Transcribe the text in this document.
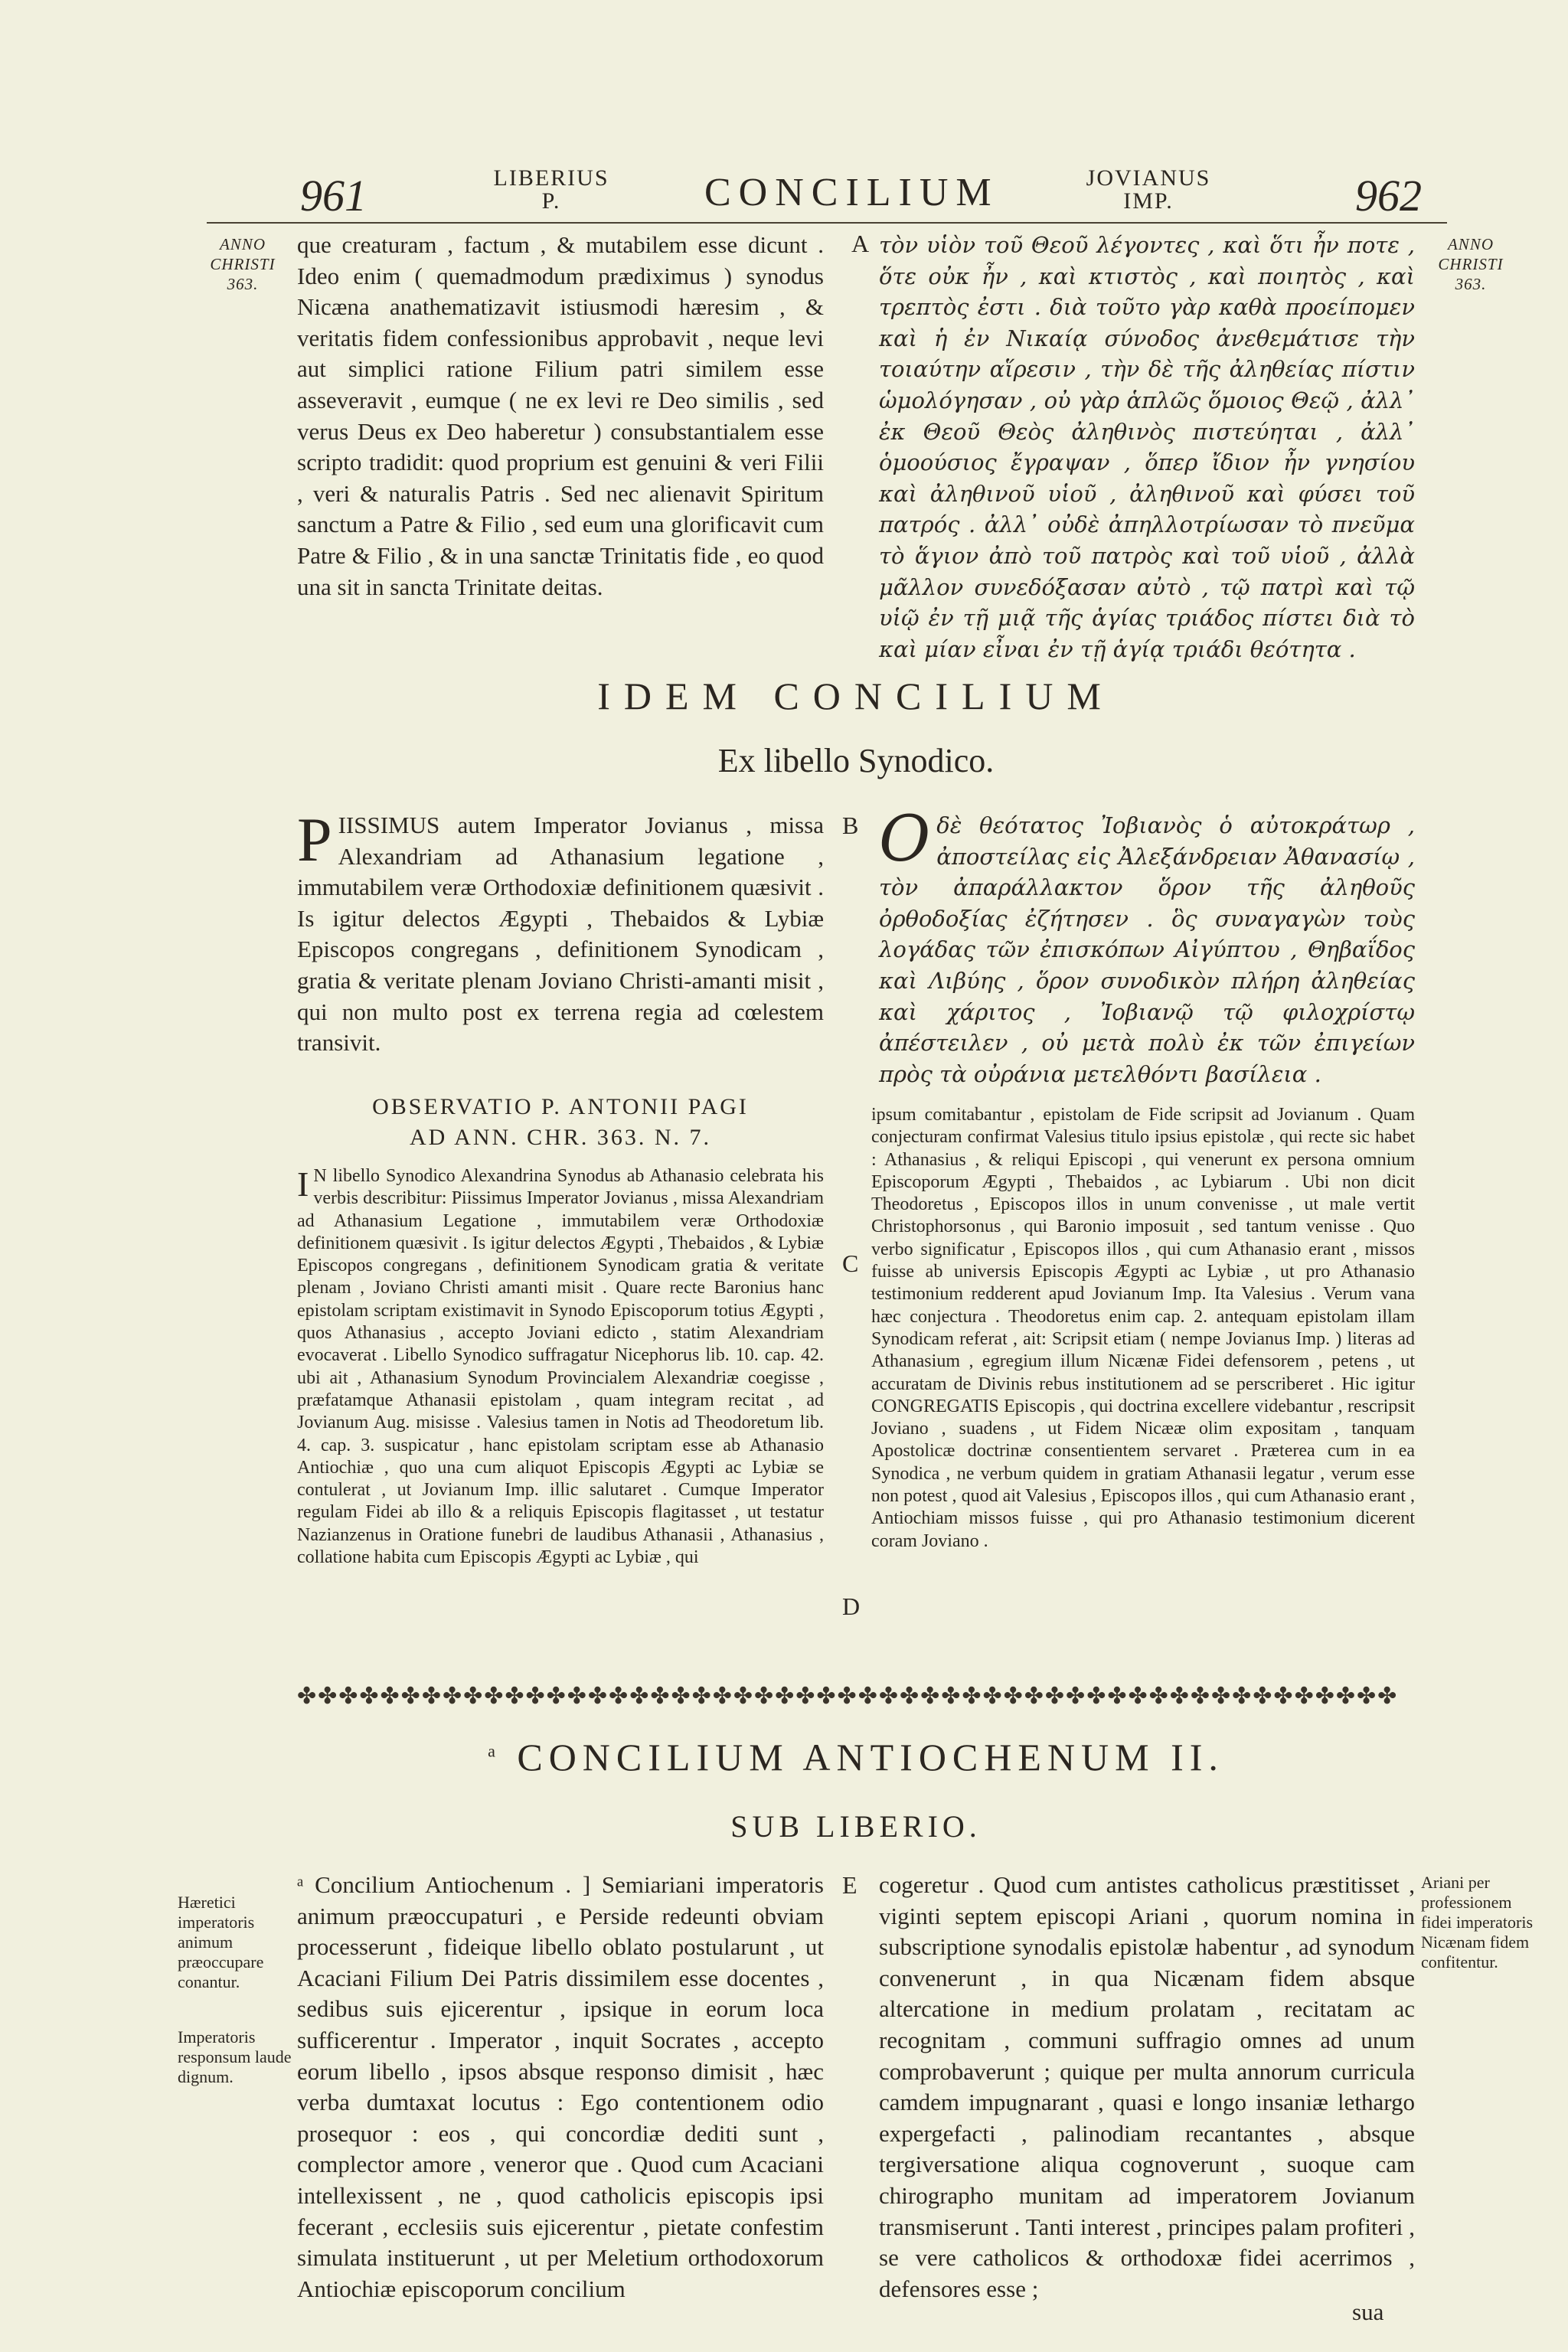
961	LIBERIUS
P.	CONCILIUM	JOVIANUS
IMP.	962
ANNO
CHRISTI
363.
ANNO
CHRISTI
363.

que creaturam , factum , & mutabilem esse dicunt . Ideo enim ( quemadmodum prædiximus ) synodus Nicæna anathematizavit istiusmodi hæresim , & veritatis fidem confessionibus approbavit , neque levi aut simplici ratione Filium patri similem esse asseveravit , eumque ( ne ex levi re Deo similis , sed verus Deus ex Deo haberetur ) consubstantialem esse scripto tradidit: quod proprium est genuini & veri Filii , veri & naturalis Patris . Sed nec alienavit Spiritum sanctum a Patre & Filio , sed eum una glorificavit cum Patre & Filio , & in una sanctæ Trinitatis fide , eo quod una sit in sancta Trinitate deitas.

A τὸν υἱὸν τοῦ Θεοῦ λέγοντες , καὶ ὅτι ἦν ποτε , ὅτε οὐκ ἦν , καὶ κτιστὸς , καὶ ποιητὸς , καὶ τρεπτὸς ἐστι . διὰ τοῦτο γὰρ καθὰ προείπομεν καὶ ἡ ἐν Νικαίᾳ σύνοδος ἀνεθεμάτισε τὴν τοιαύτην αἵρεσιν , τὴν δὲ τῆς ἀληθείας πίστιν ὡμολόγησαν , οὐ γὰρ ἁπλῶς ὅμοιος Θεῷ , ἀλλ᾽ ἐκ Θεοῦ Θεὸς ἀληθινὸς πιστεύηται , ἀλλ᾽ ὁμοούσιος ἔγραψαν , ὅπερ ἴδιον ἦν γνησίου καὶ ἀληθινοῦ υἱοῦ , ἀληθινοῦ καὶ φύσει τοῦ πατρός . ἀλλ᾽ οὐδὲ ἀπηλλοτρίωσαν τὸ πνεῦμα τὸ ἅγιον ἀπὸ τοῦ πατρὸς καὶ τοῦ υἱοῦ , ἀλλὰ μᾶλλον συνεδόξασαν αὐτὸ , τῷ πατρὶ καὶ τῷ υἱῷ ἐν τῇ μιᾷ τῆς ἁγίας τριάδος πίστει διὰ τὸ καὶ μίαν εἶναι ἐν τῇ ἁγίᾳ τριάδι θεότητα .

IDEM CONCILIUM
Ex libello Synodico.
P IISSIMUS autem Imperator Jovianus , missa Alexandriam ad Athanasium legatione , immutabilem veræ Orthodoxiæ definitionem quæsivit . Is igitur delectos Ægypti , Thebaidos & Lybiæ Episcopos congregans , definitionem Synodicam , gratia & veritate plenam Joviano Christi-amanti misit , qui non multo post ex terrena regia ad cœlestem transivit.
B O δὲ θεότατος Ἰοβιανὸς ὁ αὐτοκράτωρ , ἀποστείλας εἰς Ἀλεξάνδρειαν Ἀθανασίῳ , τὸν ἀπαράλλακτον ὅρον τῆς ἀληθοῦς ὀρθοδοξίας ἐζήτησεν . ὃς συναγαγὼν τοὺς λογάδας τῶν ἐπισκόπων Αἰγύπτου , Θηβαΐδος καὶ Λιβύης , ὅρον συνοδικὸν πλήρη ἀληθείας καὶ χάριτος , Ἰοβιανῷ τῷ φιλοχρίστῳ ἀπέστειλεν , οὐ μετὰ πολὺ ἐκ τῶν ἐπιγείων πρὸς τὰ οὐράνια μετελθόντι βασίλεια .
OBSERVATIO P. ANTONII PAGI
AD ANN. CHR. 363. N. 7.
I N libello Synodico Alexandrina Synodus ab Athanasio celebrata his verbis describitur: Piissimus Imperator Jovianus , missa Alexandriam ad Athanasium Legatione , immutabilem veræ Orthodoxiæ definitionem quæsivit . Is igitur delectos Ægypti , Thebaidos , & Lybiæ Episcopos congregans , definitionem Synodicam gratia & veritate plenam , Joviano Christi amanti misit . Quare recte Baronius hanc epistolam scriptam existimavit in Synodo Episcoporum totius Ægypti , quos Athanasius , accepto Joviani edicto , statim Alexandriam evocaverat . Libello Synodico suffragatur Nicephorus lib. 10. cap. 42. ubi ait , Athanasium Synodum Provincialem Alexandriæ coegisse , præfatamque Athanasii epistolam , quam integram recitat , ad Jovianum Aug. misisse . Valesius tamen in Notis ad Theodoretum lib. 4. cap. 3. suspicatur , hanc epistolam scriptam esse ab Athanasio Antiochiæ , quo una cum aliquot Episcopis Ægypti ac Lybiæ se contulerat , ut Jovianum Imp. illic salutaret . Cumque Imperator regulam Fidei ab illo & a reliquis Episcopis flagitasset , ut testatur Nazianzenus in Oratione funebri de laudibus Athanasii , Athanasius , collatione habita cum Episcopis Ægypti ac Lybiæ , qui
C
D

ipsum comitabantur , epistolam de Fide scripsit ad Jovianum . Quam conjecturam confirmat Valesius titulo ipsius epistolæ , qui recte sic habet : Athanasius , & reliqui Episcopi , qui venerunt ex persona omnium Episcoporum Ægypti , Thebaidos , ac Lybiarum . Ubi non dicit Theodoretus , Episcopos illos in unum convenisse , ut male vertit Christophorsonus , qui Baronio imposuit , sed tantum venisse . Quo verbo significatur , Episcopos illos , qui cum Athanasio erant , missos fuisse ab universis Episcopis Ægypti ac Lybiæ , ut pro Athanasio testimonium redderent apud Jovianum Imp. Ita Valesius . Verum vana hæc conjectura . Theodoretus enim cap. 2. antequam epistolam illam Synodicam referat , ait: Scripsit etiam ( nempe Jovianus Imp. ) literas ad Athanasium , egregium illum Nicænæ Fidei defensorem , petens , ut accuratam de Divinis rebus institutionem ad se perscriberet . Hic igitur CONGREGATIS Episcopis , qui doctrina excellere videbantur , rescripsit Joviano , suadens , ut Fidem Nicææ olim expositam , tanquam Apostolicæ doctrinæ consentientem servaret . Præterea cum in ea Synodica , ne verbum quidem in gratiam Athanasii legatur , verum esse non potest , quod ait Valesius , Episcopos illos , qui cum Athanasio erant , Antiochiam missos fuisse , qui pro Athanasio testimonium dicerent coram Joviano .

✤✤✤✤✤✤✤✤✤✤✤✤✤✤✤✤✤✤✤✤✤✤✤✤✤✤✤✤✤✤✤✤✤✤✤✤✤✤✤✤✤✤✤✤✤✤✤✤✤✤✤✤✤
$^a$ CONCILIUM ANTIOCHENUM II.
SUB LIBERIO.
Hæretici imperatoris animum præoccupare conantur.
Imperatoris responsum laude dignum.
Ariani per professionem fidei imperatoris Nicænam fidem confitentur.

ᵃ Concilium Antiochenum . ] Semiariani imperatoris animum præoccupaturi , e Perside redeunti obviam processerunt , fideique libello oblato postularunt , ut Acaciani Filium Dei Patris dissimilem esse docentes , sedibus suis ejicerentur , ipsique in eorum loca sufficerentur . Imperator , inquit Socrates , accepto eorum libello , ipsos absque responso dimisit , hæc verba dumtaxat locutus : Ego contentionem odio prosequor : eos , qui concordiæ dediti sunt , complector amore , veneror que . Quod cum Acaciani intellexissent , ne , quod catholicis episcopis ipsi fecerant , ecclesiis suis ejicerentur , pietate confestim simulata instituerunt , ut per Meletium orthodoxorum Antiochiæ episcoporum concilium

E cogeretur . Quod cum antistes catholicus præstitisset , viginti septem episcopi Ariani , quorum nomina in subscriptione synodalis epistolæ habentur , ad synodum convenerunt , in qua Nicænam fidem absque altercatione in medium prolatam , recitatam ac recognitam , communi suffragio omnes ad unum comprobaverunt ; quique per multa annorum curricula camdem impugnarant , quasi e longo insaniæ lethargo expergefacti , palinodiam recantantes , absque tergiversatione aliqua cognoverunt , suoque cam chirographo munitam ad imperatorem Jovianum transmiserunt . Tanti interest , principes palam profiteri , se vere catholicos & orthodoxæ fidei acerrimos , defensores esse ;

sua
